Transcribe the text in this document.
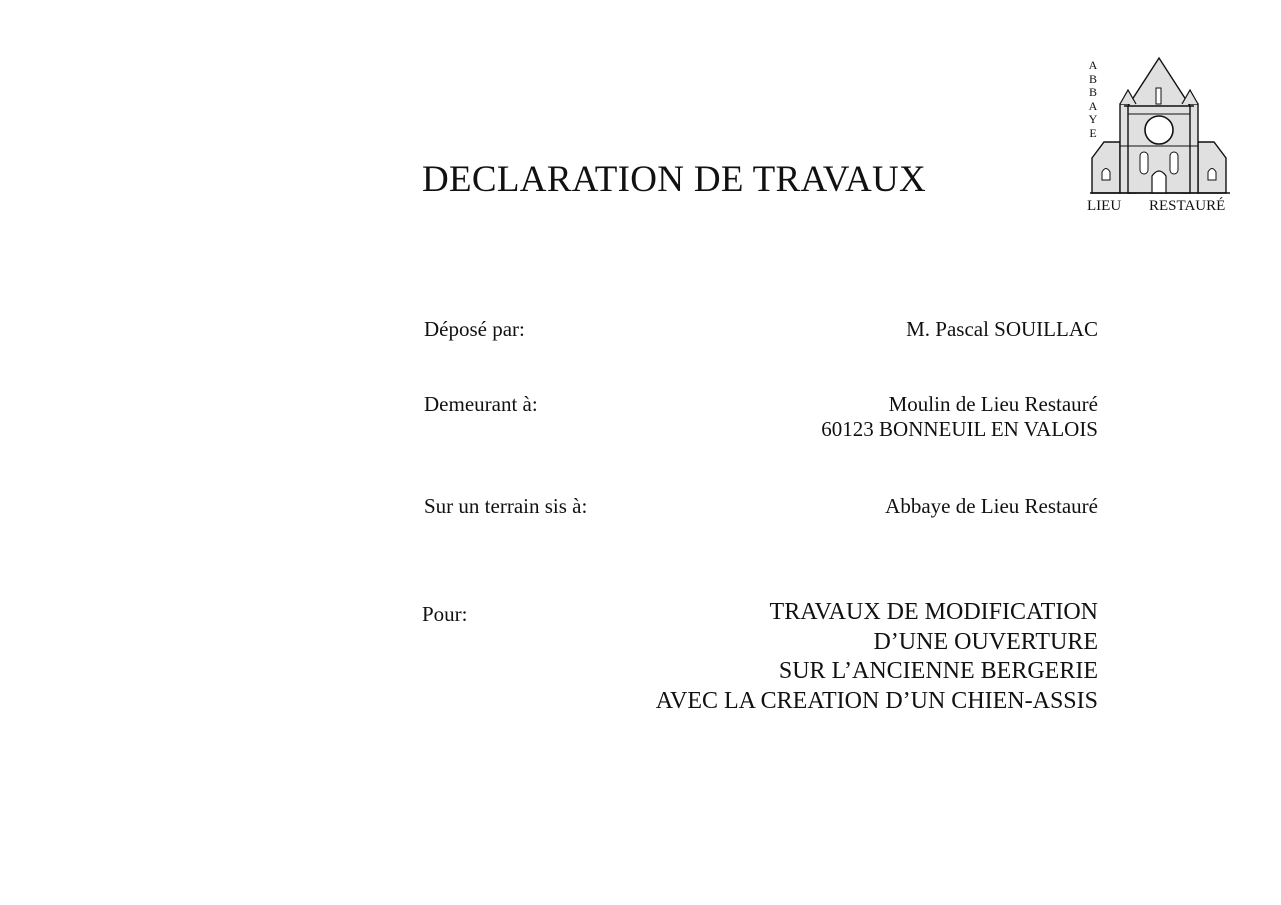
A
B
B
A
Y
E
LIEU RESTAURÉ
DECLARATION DE TRAVAUX
Déposé par:	M. Pascal SOUILLAC
Demeurant à:	Moulin de Lieu Restauré
60123 BONNEUIL EN VALOIS
Sur un terrain sis à:	Abbaye de Lieu Restauré
Pour:	TRAVAUX DE MODIFICATION
D’UNE OUVERTURE
SUR L’ANCIENNE BERGERIE
AVEC LA CREATION D’UN CHIEN-ASSIS
